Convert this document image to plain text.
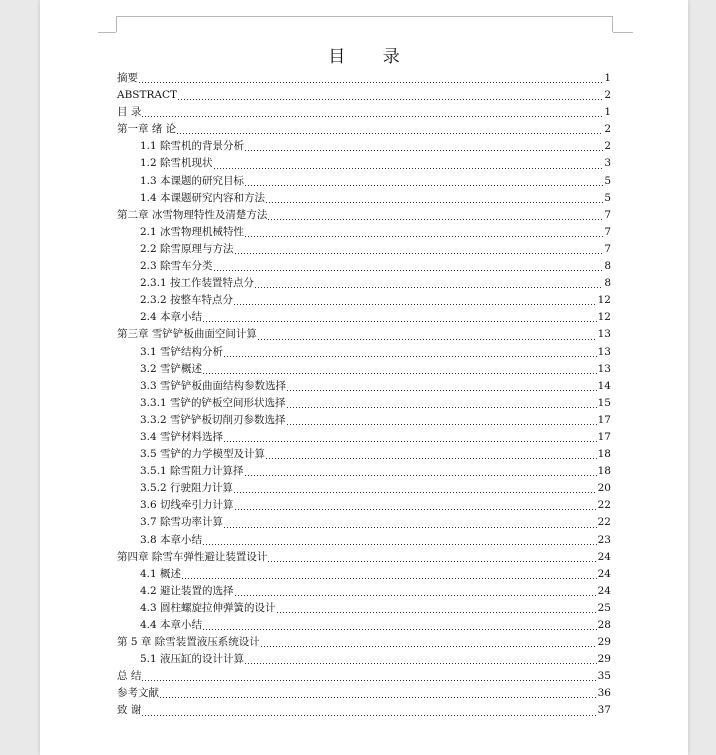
目 录
摘要	1
ABSTRACT	2
目 录	1
第一章 绪 论	2
1.1 除雪机的背景分析	2
1.2 除雪机现状	3
1.3 本课题的研究目标	5
1.4 本课题研究内容和方法	5
第二章 冰雪物理特性及清楚方法	7
2.1 冰雪物理机械特性	7
2.2 除雪原理与方法	7
2.3 除雪车分类	8
2.3.1 按工作装置特点分	8
2.3.2 按整车特点分	12
2.4 本章小结	12
第三章 雪铲铲板曲面空间计算	13
3.1 雪铲结构分析	13
3.2 雪铲概述	13
3.3 雪铲铲板曲面结构参数选择	14
3.3.1 雪铲的铲板空间形状选择	15
3.3.2 雪铲铲板切削刃参数选择	17
3.4 雪铲材料选择	17
3.5 雪铲的力学模型及计算	18
3.5.1 除雪阻力计算择	18
3.5.2 行驶阻力计算	20
3.6 切线牵引力计算	22
3.7 除雪功率计算	22
3.8 本章小结	23
第四章 除雪车弹性避让装置设计	24
4.1 概述	24
4.2 避让装置的选择	24
4.3 圆柱螺旋拉伸弹簧的设计	25
4.4 本章小结	28
第 5 章 除雪装置液压系统设计	29
5.1 液压缸的设计计算	29
总 结	35
参考文献	36
致 谢	37
